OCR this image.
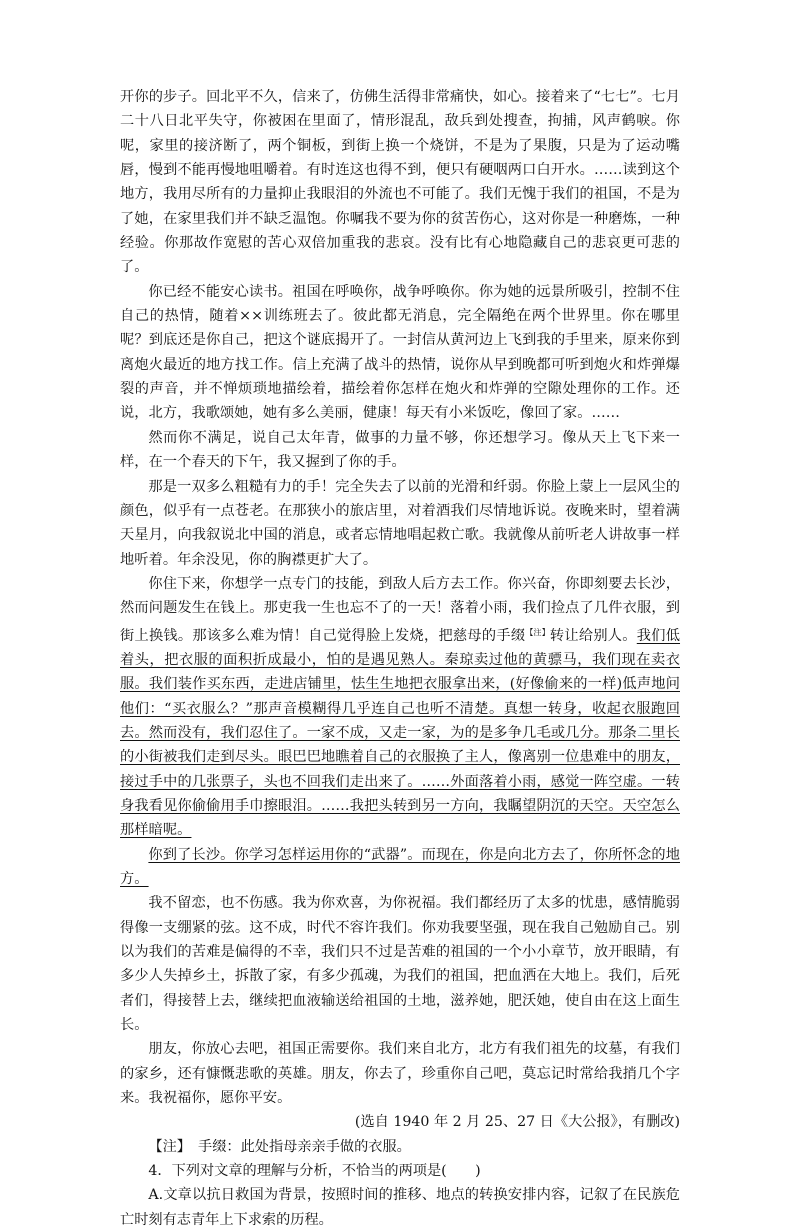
开你的步子。回北平不久，信来了，仿佛生活得非常痛快，如心。接着来了“七七”。七月二十八日北平失守，你被困在里面了，情形混乱，敌兵到处搜查，拘捕，风声鹤唳。你呢，家里的接济断了，两个铜板，到街上换一个烧饼，不是为了果腹，只是为了运动嘴唇，慢到不能再慢地咀嚼着。有时连这也得不到，便只有硬咽两口白开水。……读到这个地方，我用尽所有的力量抑止我眼泪的外流也不可能了。我们无愧于我们的祖国，不是为了她，在家里我们并不缺乏温饱。你嘱我不要为你的贫苦伤心，这对你是一种磨炼，一种经验。你那故作宽慰的苦心双倍加重我的悲哀。没有比有心地隐藏自己的悲哀更可悲的了。

你已经不能安心读书。祖国在呼唤你，战争呼唤你。你为她的远景所吸引，控制不住自己的热情，随着××训练班去了。彼此都无消息，完全隔绝在两个世界里。你在哪里呢？到底还是你自己，把这个谜底揭开了。一封信从黄河边上飞到我的手里来，原来你到离炮火最近的地方找工作。信上充满了战斗的热情，说你从早到晚都可听到炮火和炸弹爆裂的声音，并不惮烦琐地描绘着，描绘着你怎样在炮火和炸弹的空隙处理你的工作。还说，北方，我歌颂她，她有多么美丽，健康！每天有小米饭吃，像回了家。……

然而你不满足，说自己太年青，做事的力量不够，你还想学习。像从天上飞下来一样，在一个春天的下午，我又握到了你的手。

那是一双多么粗糙有力的手！完全失去了以前的光滑和纤弱。你脸上蒙上一层风尘的颜色，似乎有一点苍老。在那狭小的旅店里，对着酒我们尽情地诉说。夜晚来时，望着满天星月，向我叙说北中国的消息，或者忘情地唱起救亡歌。我就像从前听老人讲故事一样地听着。年余没见，你的胸襟更扩大了。

你住下来，你想学一点专门的技能，到敌人后方去工作。你兴奋，你即刻要去长沙，然而问题发生在钱上。那吏我一生也忘不了的一天！落着小雨，我们捡点了几件衣服，到街上换钱。那该多么难为情！自己觉得脸上发烧，把慈母的手缀$^{【注】}$转让给别人。我们低着头，把衣服的面积折成最小，怕的是遇见熟人。秦琼卖过他的黄骠马，我们现在卖衣服。我们装作买东西，走进店铺里，怯生生地把衣服拿出来，(好像偷来的一样)低声地问他们：“买衣服么？”那声音模糊得几乎连自己也听不清楚。真想一转身，收起衣服跑回去。然而没有，我们忍住了。一家不成，又走一家，为的是多争几毛或几分。那条二里长的小街被我们走到尽头。眼巴巴地瞧着自己的衣服换了主人，像离别一位患难中的朋友，接过手中的几张票子，头也不回我们走出来了。……外面落着小雨，感觉一阵空虚。一转身我看见你偷偷用手巾擦眼泪。……我把头转到另一方向，我瞩望阴沉的天空。天空怎么那样暗呢。

你到了长沙。你学习怎样运用你的“武器”。而现在，你是向北方去了，你所怀念的地方。

我不留恋，也不伤感。我为你欢喜，为你祝福。我们都经历了太多的忧患，感情脆弱得像一支绷紧的弦。这不成，时代不容许我们。你劝我要坚强，现在我自己勉励自己。别以为我们的苦难是偏得的不幸，我们只不过是苦难的祖国的一个小小章节，放开眼睛，有多少人失掉乡土，拆散了家，有多少孤魂，为我们的祖国，把血洒在大地上。我们，后死者们，得接替上去，继续把血液输送给祖国的土地，滋养她，肥沃她，使自由在这上面生长。

朋友，你放心去吧，祖国正需要你。我们来自北方，北方有我们祖先的坟墓，有我们的家乡，还有慷慨悲歌的英雄。朋友，你去了，珍重你自己吧，莫忘记时常给我捎几个字来。我祝福你，愿你平安。

(选自 1940 年 2 月 25、27 日《大公报》，有删改)

【注】　手缀：此处指母亲亲手做的衣服。

4．下列对文章的理解与分析，不恰当的两项是(　　)

A.文章以抗日救国为背景，按照时间的推移、地点的转换安排内容，记叙了在民族危亡时刻有志青年上下求索的历程。
